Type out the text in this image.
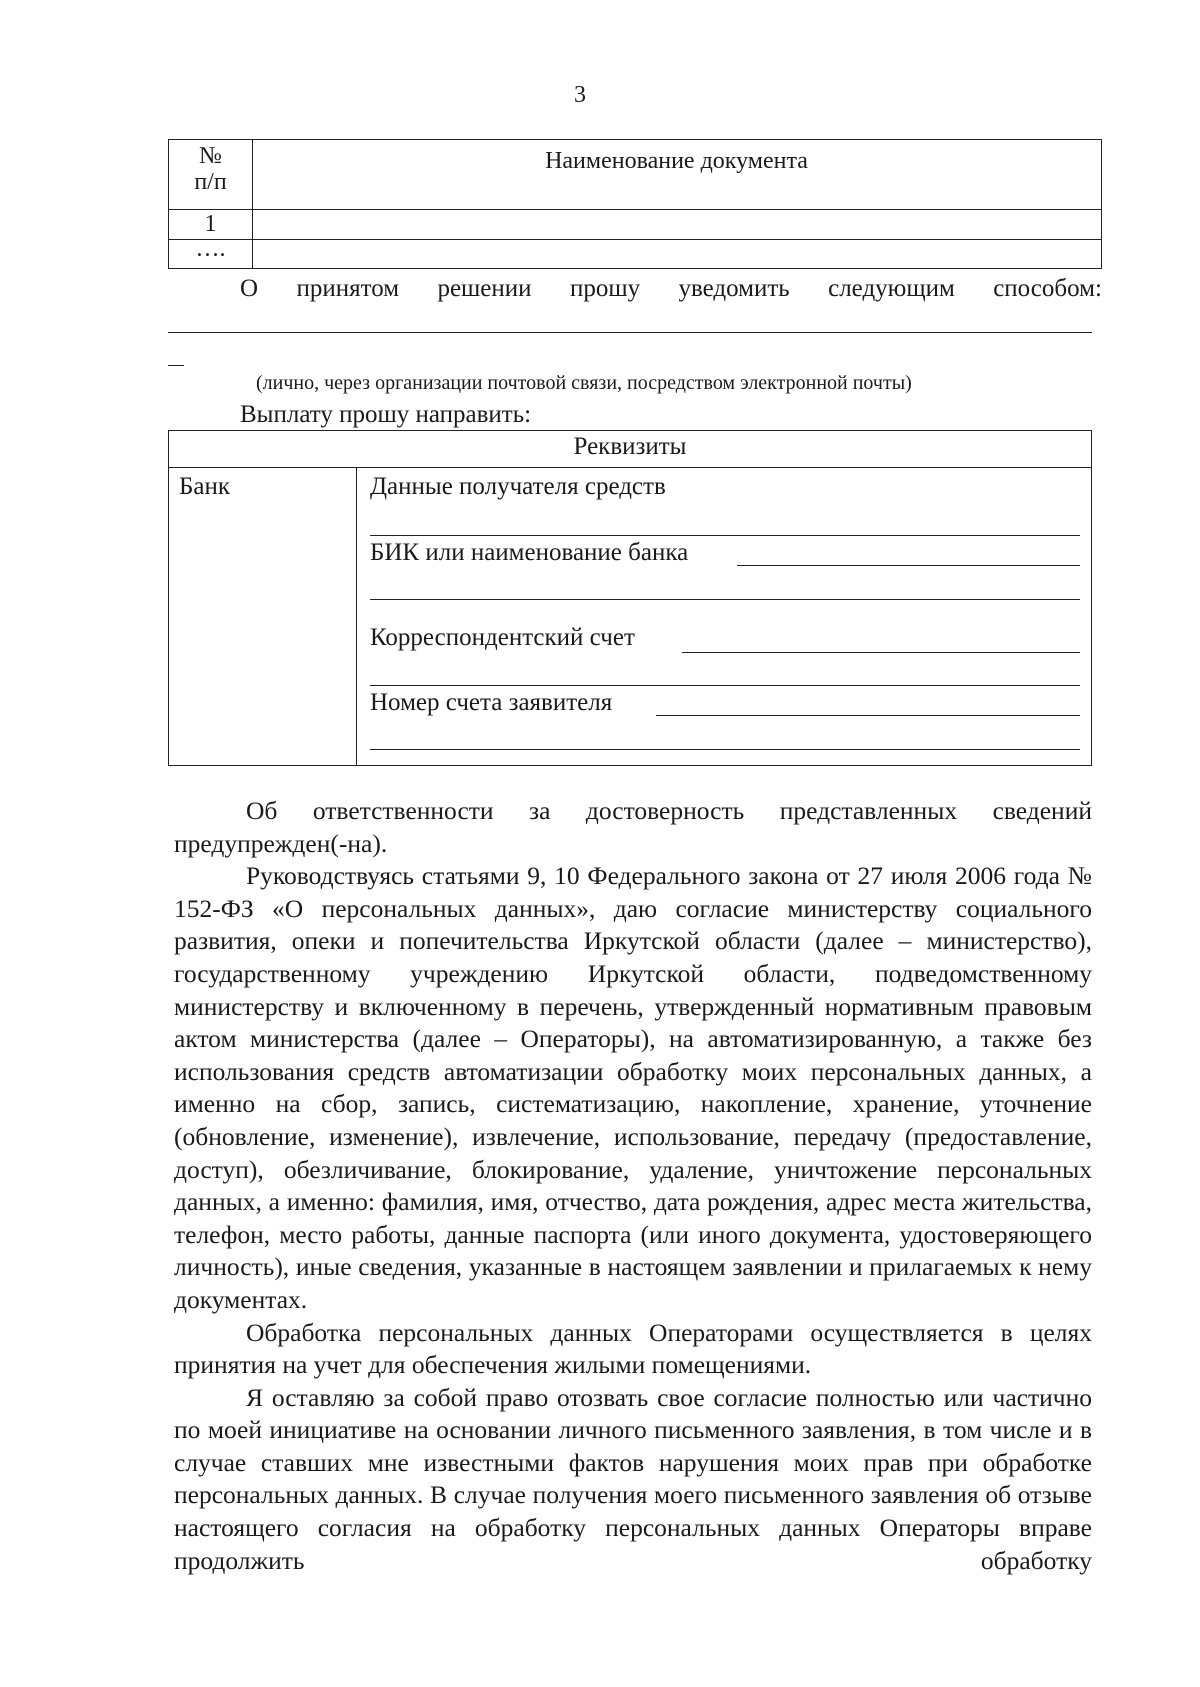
3
№
п/п
Наименование документа
1
….
О принятом решении прошу уведомить следующим способом:
(лично, через организации почтовой связи, посредством электронной почты)
Выплату прошу направить:
Реквизиты
Банк	Данные получателя средств
БИК или наименование банка
Корреспондентский счет
Номер счета заявителя

Об ответственности за достоверность представленных сведений предупрежден(-на).

Руководствуясь статьями 9, 10 Федерального закона от 27 июля 2006 года № 152-ФЗ «О персональных данных», даю согласие министерству социального развития, опеки и попечительства Иркутской области (далее – министерство), государственному учреждению Иркутской области, подведомственному министерству и включенному в перечень, утвержденный нормативным правовым актом министерства (далее – Операторы), на автоматизированную, а также без использования средств автоматизации обработку моих персональных данных, а именно на сбор, запись, систематизацию, накопление, хранение, уточнение (обновление, изменение), извлечение, использование, передачу (предоставление, доступ), обезличивание, блокирование, удаление, уничтожение персональных данных, а именно: фамилия, имя, отчество, дата рождения, адрес места жительства, телефон, место работы, данные паспорта (или иного документа, удостоверяющего личность), иные сведения, указанные в настоящем заявлении и прилагаемых к нему документах.

Обработка персональных данных Операторами осуществляется в целях принятия на учет для обеспечения жилыми помещениями.

Я оставляю за собой право отозвать свое согласие полностью или частично по моей инициативе на основании личного письменного заявления, в том числе и в случае ставших мне известными фактов нарушения моих прав при обработке персональных данных. В случае получения моего письменного заявления об отзыве настоящего согласия на обработку персональных данных Операторы вправе продолжить обработку
